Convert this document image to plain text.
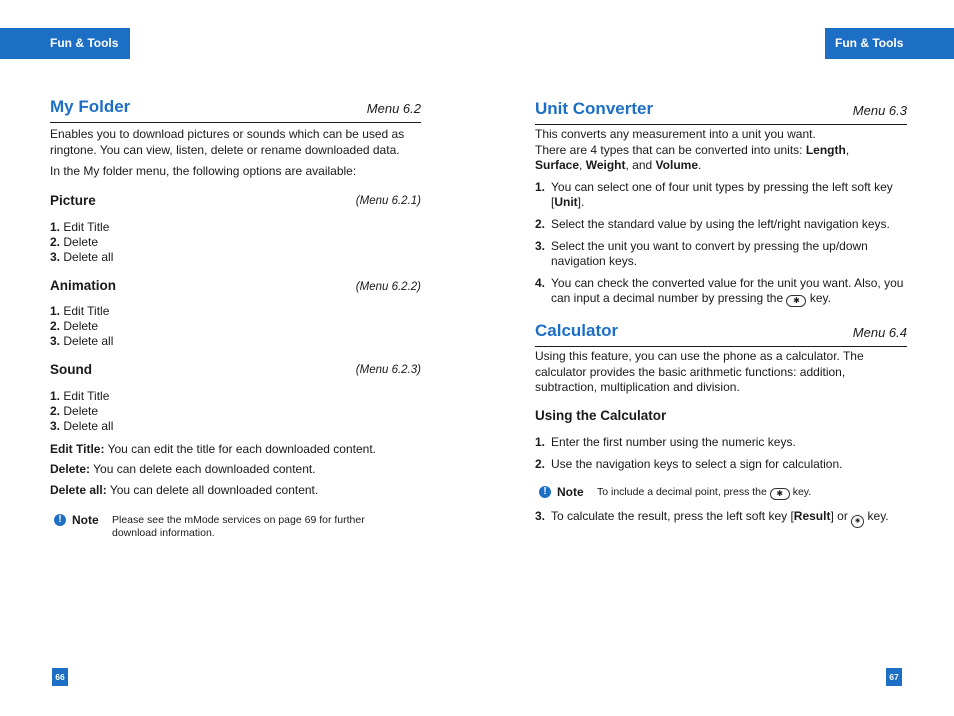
Fun & Tools	Fun & Tools
My Folder	Menu 6.2
Enables you to download pictures or sounds which can be used as ringtone. You can view, listen, delete or rename downloaded data.
In the My folder menu, the following options are available:
Picture	(Menu 6.2.1)
1. Edit Title
2. Delete
3. Delete all
Animation	(Menu 6.2.2)
1. Edit Title
2. Delete
3. Delete all
Sound	(Menu 6.2.3)
1. Edit Title
2. Delete
3. Delete all
Edit Title: You can edit the title for each downloaded content.
Delete: You can delete each downloaded content.
Delete all: You can delete all downloaded content.
! Note Please see the mMode services on page 69 for further download information.
Unit Converter	Menu 6.3
This converts any measurement into a unit you want.
There are 4 types that can be converted into units: Length,
Surface, Weight, and Volume.
1. You can select one of four unit types by pressing the left soft key [Unit].
2. Select the standard value by using the left/right navigation keys.
3. Select the unit you want to convert by pressing the up/down navigation keys.
4. You can check the converted value for the unit you want. Also, you can input a decimal number by pressing the ✱ key.
Calculator	Menu 6.4
Using this feature, you can use the phone as a calculator. The calculator provides the basic arithmetic functions: addition, subtraction, multiplication and division.
Using the Calculator
1. Enter the first number using the numeric keys.
2. Use the navigation keys to select a sign for calculation.
! Note To include a decimal point, press the ✱ key.
3. To calculate the result, press the left soft key [Result] or ◉ key.
66	67
